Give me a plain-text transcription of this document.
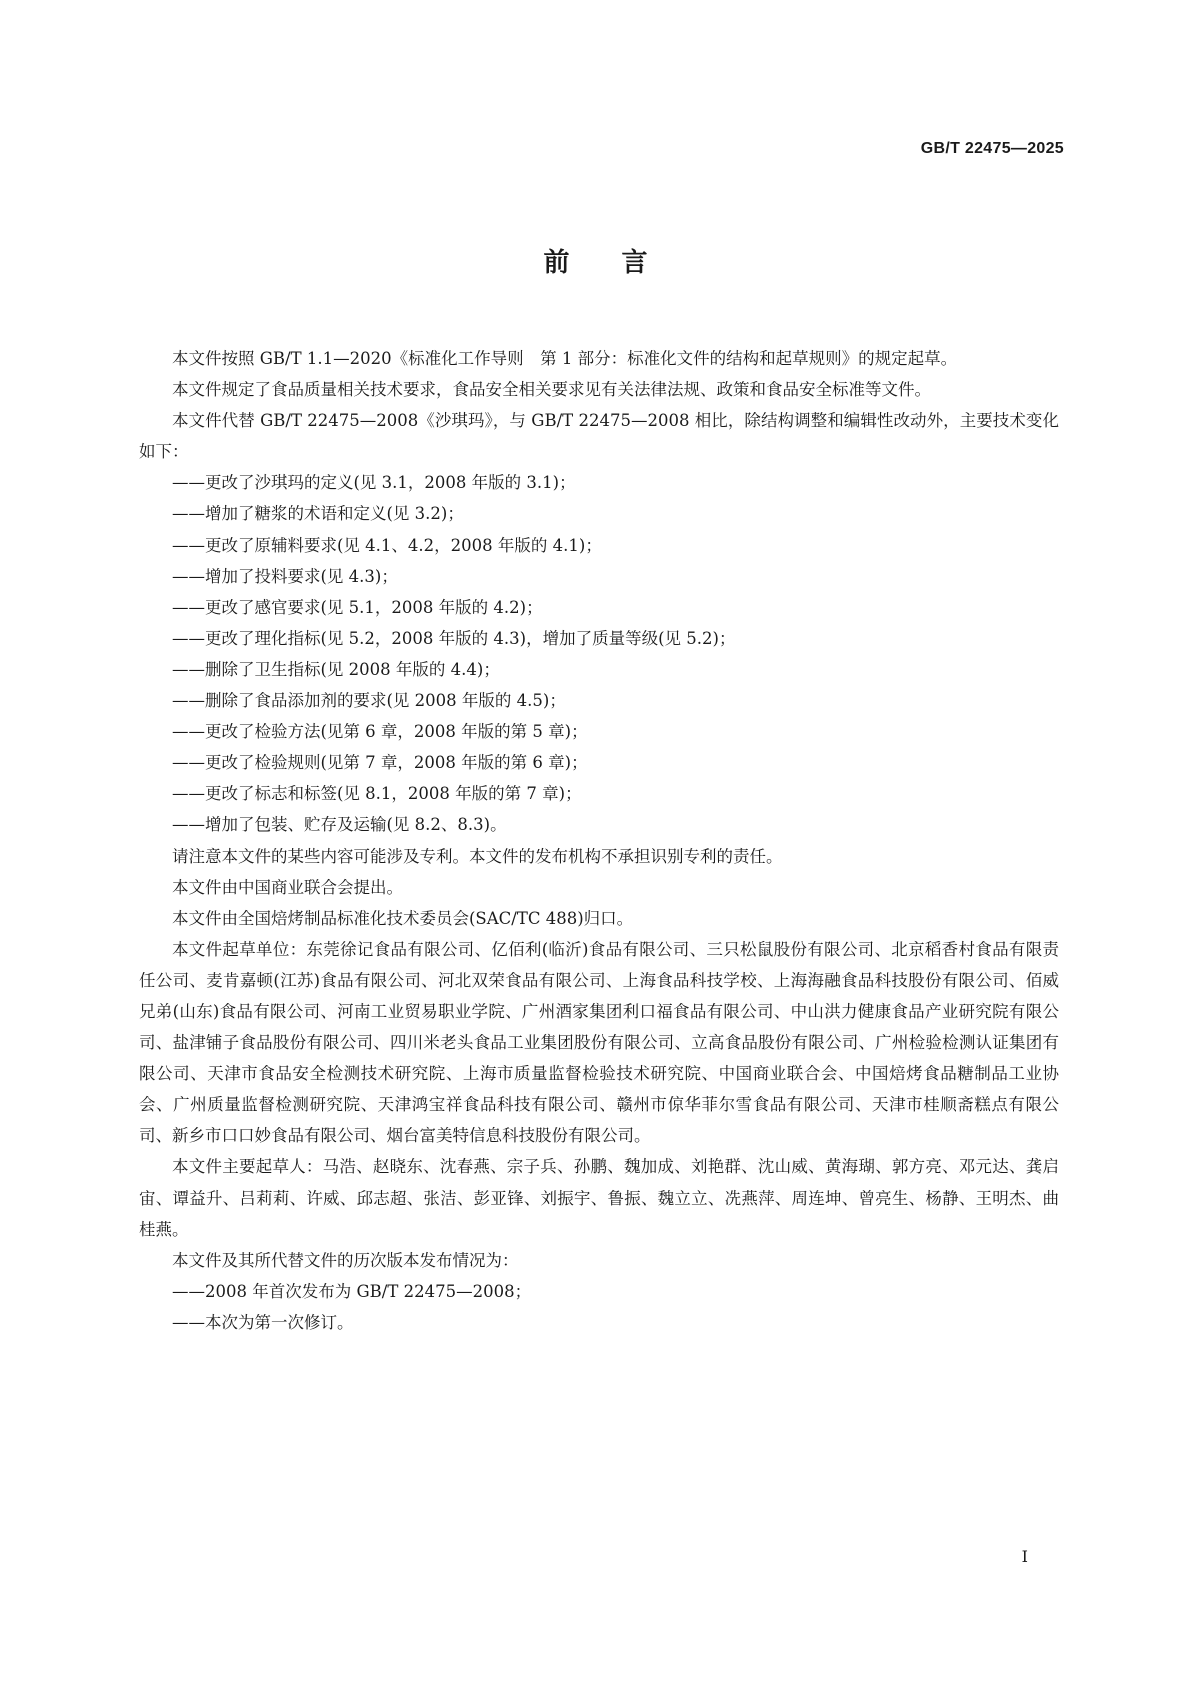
GB/T 22475—2025
前言

本文件按照 GB/T 1.1—2020《标准化工作导则　第 1 部分：标准化文件的结构和起草规则》的规定起草。

本文件规定了食品质量相关技术要求，食品安全相关要求见有关法律法规、政策和食品安全标准等文件。

本文件代替 GB/T 22475—2008《沙琪玛》，与 GB/T 22475—2008 相比，除结构调整和编辑性改动外，主要技术变化如下：

——更改了沙琪玛的定义(见 3.1，2008 年版的 3.1)；

——增加了糖浆的术语和定义(见 3.2)；

——更改了原辅料要求(见 4.1、4.2，2008 年版的 4.1)；

——增加了投料要求(见 4.3)；

——更改了感官要求(见 5.1，2008 年版的 4.2)；

——更改了理化指标(见 5.2，2008 年版的 4.3)，增加了质量等级(见 5.2)；

——删除了卫生指标(见 2008 年版的 4.4)；

——删除了食品添加剂的要求(见 2008 年版的 4.5)；

——更改了检验方法(见第 6 章，2008 年版的第 5 章)；

——更改了检验规则(见第 7 章，2008 年版的第 6 章)；

——更改了标志和标签(见 8.1，2008 年版的第 7 章)；

——增加了包装、贮存及运输(见 8.2、8.3)。

请注意本文件的某些内容可能涉及专利。本文件的发布机构不承担识别专利的责任。

本文件由中国商业联合会提出。

本文件由全国焙烤制品标准化技术委员会(SAC/TC 488)归口。

本文件起草单位：东莞徐记食品有限公司、亿佰利(临沂)食品有限公司、三只松鼠股份有限公司、北京稻香村食品有限责任公司、麦肯嘉顿(江苏)食品有限公司、河北双荣食品有限公司、上海食品科技学校、上海海融食品科技股份有限公司、佰威兄弟(山东)食品有限公司、河南工业贸易职业学院、广州酒家集团利口福食品有限公司、中山洪力健康食品产业研究院有限公司、盐津铺子食品股份有限公司、四川米老头食品工业集团股份有限公司、立高食品股份有限公司、广州检验检测认证集团有限公司、天津市食品安全检测技术研究院、上海市质量监督检验技术研究院、中国商业联合会、中国焙烤食品糖制品工业协会、广州质量监督检测研究院、天津鸿宝祥食品科技有限公司、赣州市倞华菲尔雪食品有限公司、天津市桂顺斋糕点有限公司、新乡市口口妙食品有限公司、烟台富美特信息科技股份有限公司。

本文件主要起草人：马浩、赵晓东、沈春燕、宗子兵、孙鹏、魏加成、刘艳群、沈山威、黄海瑚、郭方亮、邓元达、龚启宙、谭益升、吕莉莉、许威、邱志超、张洁、彭亚锋、刘振宇、鲁振、魏立立、冼燕萍、周连坤、曾亮生、杨静、王明杰、曲桂燕。

本文件及其所代替文件的历次版本发布情况为：

——2008 年首次发布为 GB/T 22475—2008；

——本次为第一次修订。

I
